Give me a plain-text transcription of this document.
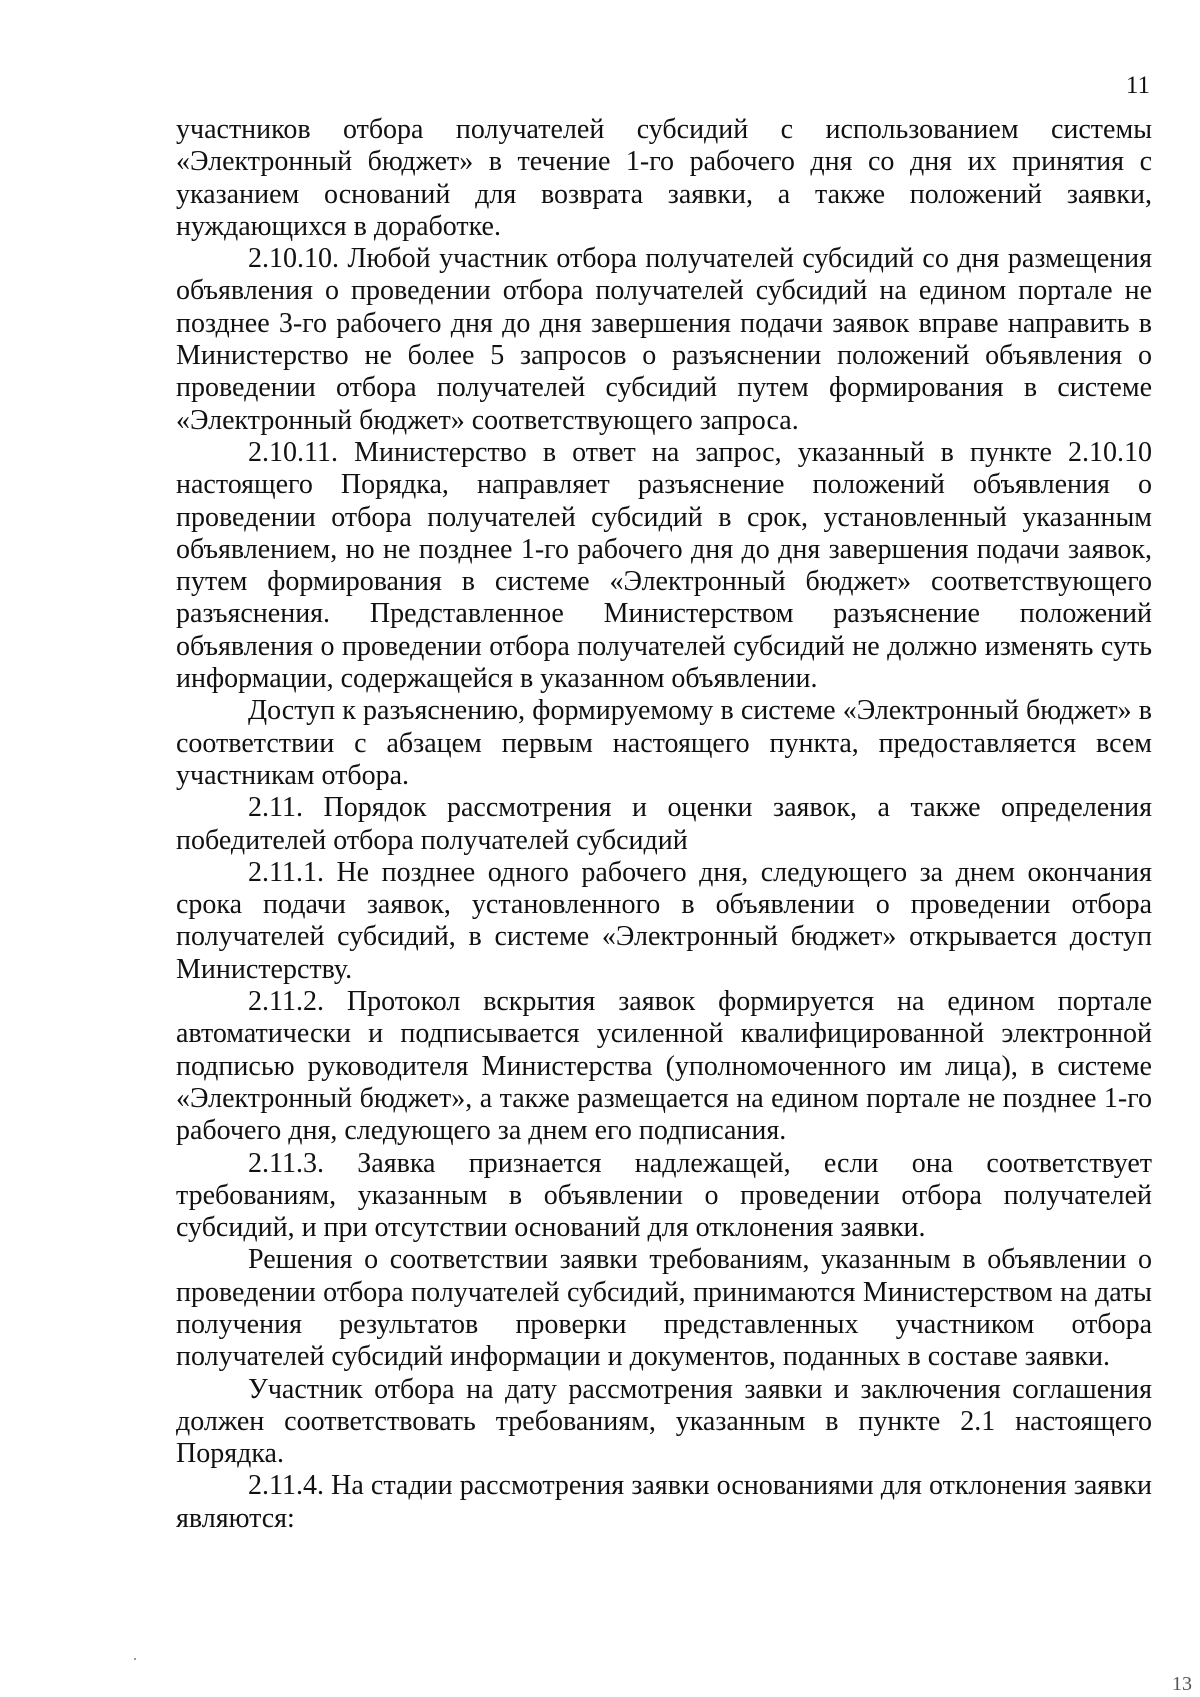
11

участников отбора получателей субсидий с использованием системы «Электронный бюджет» в течение 1-го рабочего дня со дня их принятия с указанием оснований для возврата заявки, а также положений заявки, нуждающихся в доработке.

2.10.10. Любой участник отбора получателей субсидий со дня размещения объявления о проведении отбора получателей субсидий на едином портале не позднее 3-го рабочего дня до дня завершения подачи заявок вправе направить в Министерство не более 5 запросов о разъяснении положений объявления о проведении отбора получателей субсидий путем формирования в системе «Электронный бюджет» соответствующего запроса.

2.10.11. Министерство в ответ на запрос, указанный в пункте 2.10.10 настоящего Порядка, направляет разъяснение положений объявления о проведении отбора получателей субсидий в срок, установленный указанным объявлением, но не позднее 1-го рабочего дня до дня завершения подачи заявок, путем формирования в системе «Электронный бюджет» соответствующего разъяснения. Представленное Министерством разъяснение положений объявления о проведении отбора получателей субсидий не должно изменять суть информации, содержащейся в указанном объявлении.

Доступ к разъяснению, формируемому в системе «Электронный бюджет» в соответствии с абзацем первым настоящего пункта, предоставляется всем участникам отбора.

2.11. Порядок рассмотрения и оценки заявок, а также определения победителей отбора получателей субсидий

2.11.1. Не позднее одного рабочего дня, следующего за днем окончания срока подачи заявок, установленного в объявлении о проведении отбора получателей субсидий, в системе «Электронный бюджет» открывается доступ Министерству.

2.11.2. Протокол вскрытия заявок формируется на едином портале автоматически и подписывается усиленной квалифицированной электронной подписью руководителя Министерства (уполномоченного им лица), в системе «Электронный бюджет», а также размещается на едином портале не позднее 1-го рабочего дня, следующего за днем его подписания.

2.11.3. Заявка признается надлежащей, если она соответствует требованиям, указанным в объявлении о проведении отбора получателей субсидий, и при отсутствии оснований для отклонения заявки.

Решения о соответствии заявки требованиям, указанным в объявлении о проведении отбора получателей субсидий, принимаются Министерством на даты получения результатов проверки представленных участником отбора получателей субсидий информации и документов, поданных в составе заявки.

Участник отбора на дату рассмотрения заявки и заключения соглашения должен соответствовать требованиям, указанным в пункте 2.1 настоящего Порядка.

2.11.4. На стадии рассмотрения заявки основаниями для отклонения заявки являются:

13
